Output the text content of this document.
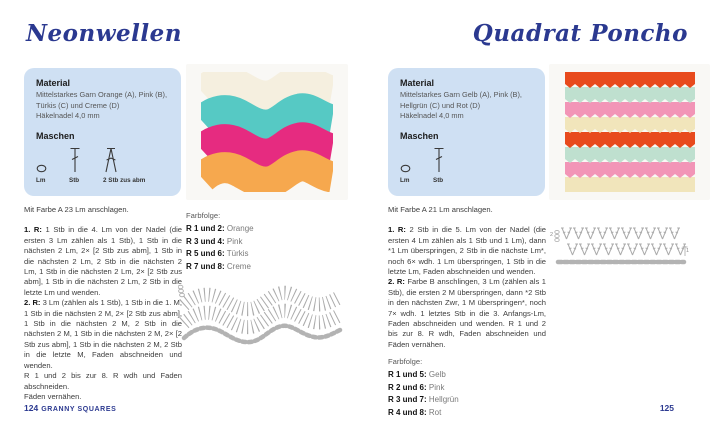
Neonwellen
Material
Mittelstarkes Garn Orange (A), Pink (B), Türkis (C) und Creme (D)
Häkelnadel 4,0 mm
Maschen
Lm	Stb	2 Stb zus abm

Mit Farbe A 23 Lm anschlagen.

1. R: 1 Stb in die 4. Lm von der Nadel (die ersten 3 Lm zählen als 1 Stb), 1 Stb in die nächsten 2 Lm, 2× [2 Stb zus abm], 1 Stb in die nächsten 2 Lm, 2 Stb in die nächsten 2 Lm, 1 Stb in die nächsten 2 Lm, 2× [2 Stb zus abm], 1 Stb in die nächsten 2 Lm, 2 Stb in die letzte Lm und wenden.

2. R: 3 Lm (zählen als 1 Stb), 1 Stb in die 1. M, 1 Stb in die nächsten 2 M, 2× [2 Stb zus abm], 1 Stb in die nächsten 2 M, 2 Stb in die nächsten 2 M, 1 Stb in die nächsten 2 M, 2× [2 Stb zus abm], 1 Stb in die nächsten 2 M, 2 Stb in die letzte M, Faden abschneiden und wenden.

R 1 und 2 bis zur 8. R wdh und Faden abschneiden.

Fäden vernähen.

Farbfolge:
R 1 und 2: Orange
R 3 und 4: Pink
R 5 und 6: Türkis
R 7 und 8: Creme
124 GRANNY SQUARES
Quadrat Poncho
Material
Mittelstarkes Garn Gelb (A), Pink (B), Hellgrün (C) und Rot (D)
Häkelnadel 4,0 mm
Maschen
Lm	Stb
2
1

Mit Farbe A 21 Lm anschlagen.

1. R: 2 Stb in die 5. Lm von der Nadel (die ersten 4 Lm zählen als 1 Stb und 1 Lm), dann *1 Lm überspringen, 2 Stb in die nächste Lm*, noch 6× wdh. 1 Lm überspringen, 1 Stb in die letzte Lm, Faden abschneiden und wenden.

2. R: Farbe B anschlingen, 3 Lm (zählen als 1 Stb), die ersten 2 M überspringen, dann *2 Stb in den nächsten Zwr, 1 M überspringen*, noch 7× wdh. 1 letztes Stb in die 3. Anfangs-Lm, Faden abschneiden und wenden. R 1 und 2 bis zur 8. R wdh, Faden abschneiden und Fäden vernähen.

Farbfolge:
R 1 und 5: Gelb
R 2 und 6: Pink
R 3 und 7: Hellgrün
R 4 und 8: Rot	125
